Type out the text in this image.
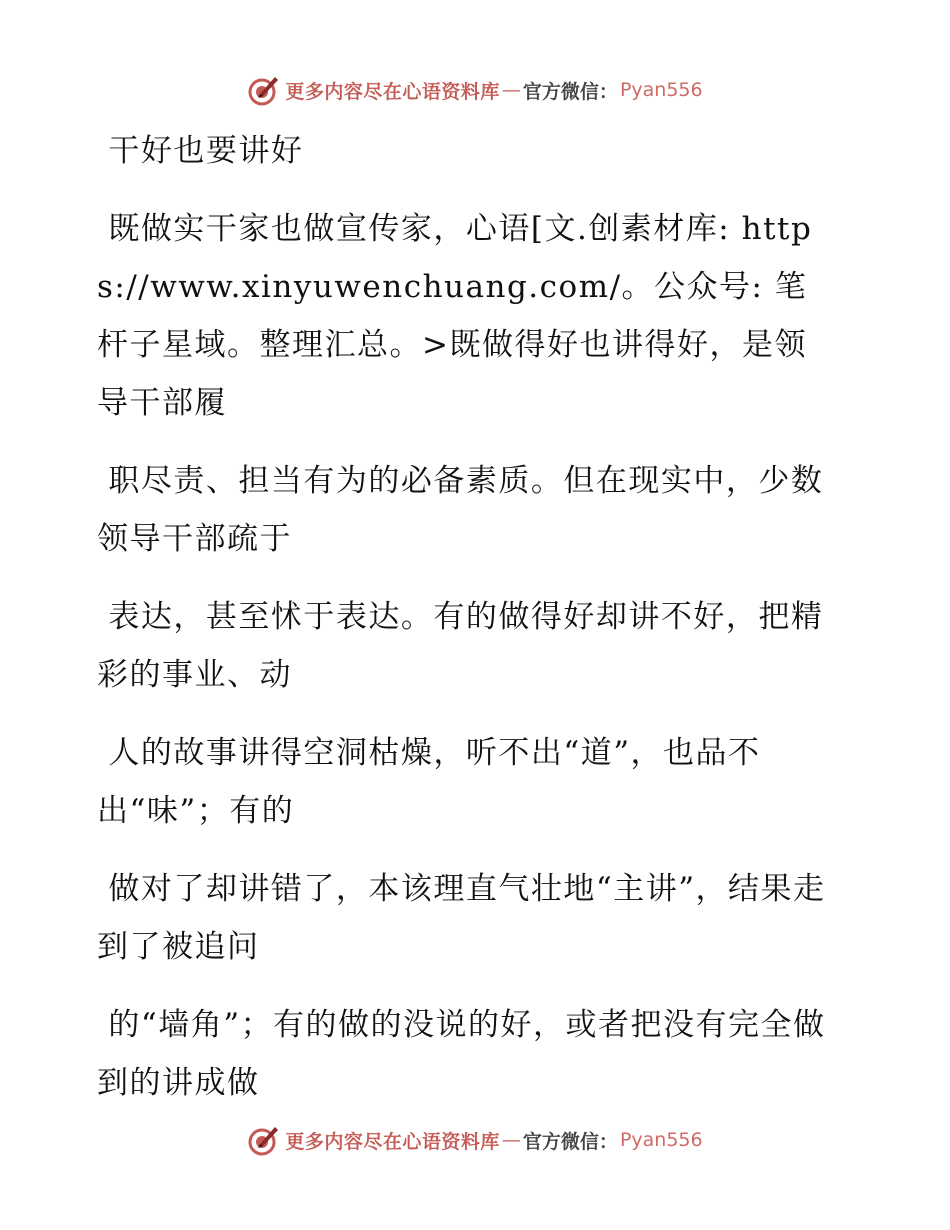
更多内容尽在心语资料库 — 官方微信： Pyan556

干好也要讲好

既做实干家也做宣传家，心语[文.创素材库: https://www.xinyuwenchuang.com/。公众号: 笔杆子星域。整理汇总。>既做得好也讲得好，是领导干部履

职尽责、担当有为的必备素质。但在现实中，少数领导干部疏于

表达，甚至怵于表达。有的做得好却讲不好，把精彩的事业、动

人的故事讲得空洞枯燥，听不出“道”，也品不出“味”；有的

做对了却讲错了，本该理直气壮地“主讲”，结果走到了被追问

的“墙角”；有的做的没说的好，或者把没有完全做到的讲成做

更多内容尽在心语资料库 — 官方微信： Pyan556
